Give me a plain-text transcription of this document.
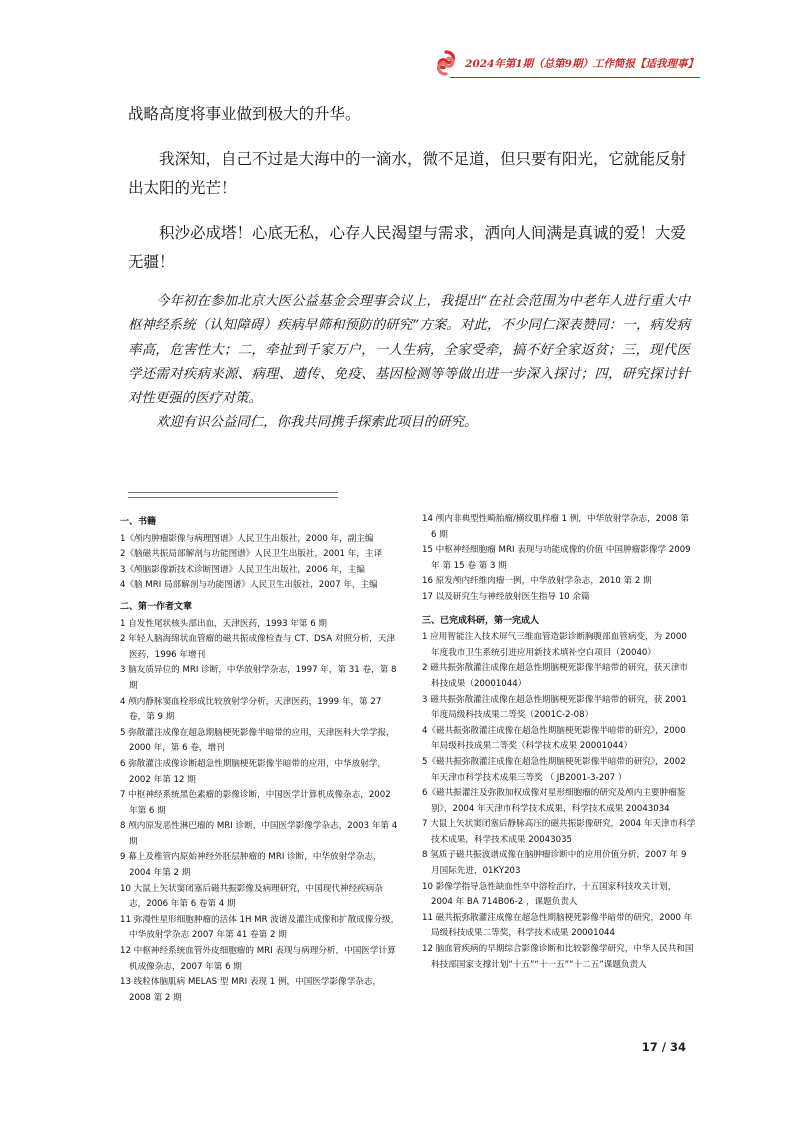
2024年第1期（总第9期）工作简报【适我理事】

战略高度将事业做到极大的升华。

我深知，自己不过是大海中的一滴水，微不足道，但只要有阳光，它就能反射出太阳的光芒！

积沙必成塔！心底无私，心存人民渴望与需求，洒向人间满是真诚的爱！大爱无疆！

今年初在参加北京大医公益基金会理事会议上，我提出“在社会范围为中老年人进行重大中枢神经系统（认知障碍）疾病早筛和预防的研究”方案。对此，不少同仁深表赞同：一，病发病率高，危害性大；二，牵扯到千家万户，一人生病，全家受牵，搞不好全家返贫；三，现代医学还需对疾病来源、病理、遗传、免疫、基因检测等等做出进一步深入探讨；四，研究探讨针对性更强的医疗对策。

欢迎有识公益同仁，你我共同携手探索此项目的研究。

一、书籍
1《颅内肿瘤影像与病理图谱》人民卫生出版社，2000 年，副主编
2《脑磁共振局部解剖与功能图谱》人民卫生出版社，2001 年，主译
3《颅脑影像新技术诊断图谱》人民卫生出版社，2006 年，主编
4《脑 MRI 局部解剖与功能图谱》人民卫生出版社，2007 年，主编
二、第一作者文章
1 自发性尾状核头部出血，天津医药，1993 年第 6 期
2 年轻人脑海绵状血管瘤的磁共振成像检查与 CT、DSA 对照分析，天津医药，1996 年增刊
3 脑友质异位的 MRI 诊断，中华放射学杂志，1997 年，第 31 卷，第 8 期
4 颅内静脉窦血栓形成比较放射学分析，天津医药，1999 年，第 27 卷，第 9 期
5 弥散灌注成像在超急期脑梗死影像半暗带的应用，天津医科大学学报，2000 年，第 6 卷，增刊
6 弥散灌注成像诊断超急性期脑梗死影像半暗带的应用，中华放射学，2002 年第 12 期
7 中枢神经系统黑色素瘤的影像诊断，中国医学计算机成像杂志，2002 年第 6 期
8 颅内原发恶性淋巴瘤的 MRI 诊断，中国医学影像学杂志，2003 年第 4 期
9 幕上及椎管内原始神经外胚层肿瘤的 MRI 诊断，中华放射学杂志，2004 年第 2 期
10 大鼠上矢状窦闭塞后磁共振影像及病理研究，中国现代神经疾病杂志，2006 年第 6 卷第 4 期
11 弥漫性星形细胞肿瘤的活体 1H MR 波谱及灌注成像和扩散成像分级，中华放射学杂志 2007 年第 41 卷第 2 期
12 中枢神经系统血管外皮细胞瘤的 MRI 表现与病理分析，中国医学计算机成像杂志，2007 年第 6 期
13 线粒体脑肌病 MELAS 型 MRI 表现 1 例，中国医学影像学杂志，2008 第 2 期
14 颅内非典型性畸胎瘤/横纹肌样瘤 1 例，中华放射学杂志，2008 第 6 期
15 中枢神经细胞瘤 MRI 表现与功能成像的价值 中国肿瘤影像学 2009 年 第 15 卷 第 3 期
16 原发颅内纤维肉瘤一例，中华放射学杂志，2010 第 2 期
17 以及研究生与神经放射医生指导 10 余篇
三、已完成科研，第一完成人
1 应用智能注入技术屏气三维血管造影诊断胸腹部血管病变，为 2000 年度我市卫生系统引进应用新技术填补空白项目（20040）
2 磁共振弥散灌注成像在超急性期脑梗死影像半暗带的研究，获天津市科技成果（20001044）
3 磁共振弥散灌注成像在超急性期脑梗死影像半暗带的研究，获 2001 年度局级科技成果二等奖（2001C-2-08）
4《磁共振弥散灌注成像在超急性期脑梗死影像半暗带的研究》，2000 年局级科技成果二等奖（科学技术成果 20001044）
5《磁共振弥散灌注成像在超急性期脑梗死影像半暗带的研究》，2002 年天津市科学技术成果三等奖 （ JB2001-3-207 ）
6《磁共振灌注及弥散加权成像对星形细胞瘤的研究及颅内主要肿瘤鉴别》，2004 年天津市科学技术成果，科学技术成果 20043034
7 大鼠上矢状窦闭塞后静脉高压的磁共振影像研究，2004 年天津市科学技术成果，科学技术成果 20043035
8 氢质子磁共振波谱成像在脑肿瘤诊断中的应用价值分析，2007 年 9 月国际先进，01KY203
10 影像学指导急性缺血性卒中溶栓治疗，十五国家科技攻关计划，2004 年 BA 714B06-2 ，课题负责人
11 磁共振弥散灌注成像在超急性期脑梗死影像半暗带的研究，2000 年局级科技成果二等奖，科学技术成果 20001044
12 脑血管疾病的早期综合影像诊断和比较影像学研究，中华人民共和国科技部国家支撑计划“十五”“十一五”“十二五”课题负责人
17 / 34
